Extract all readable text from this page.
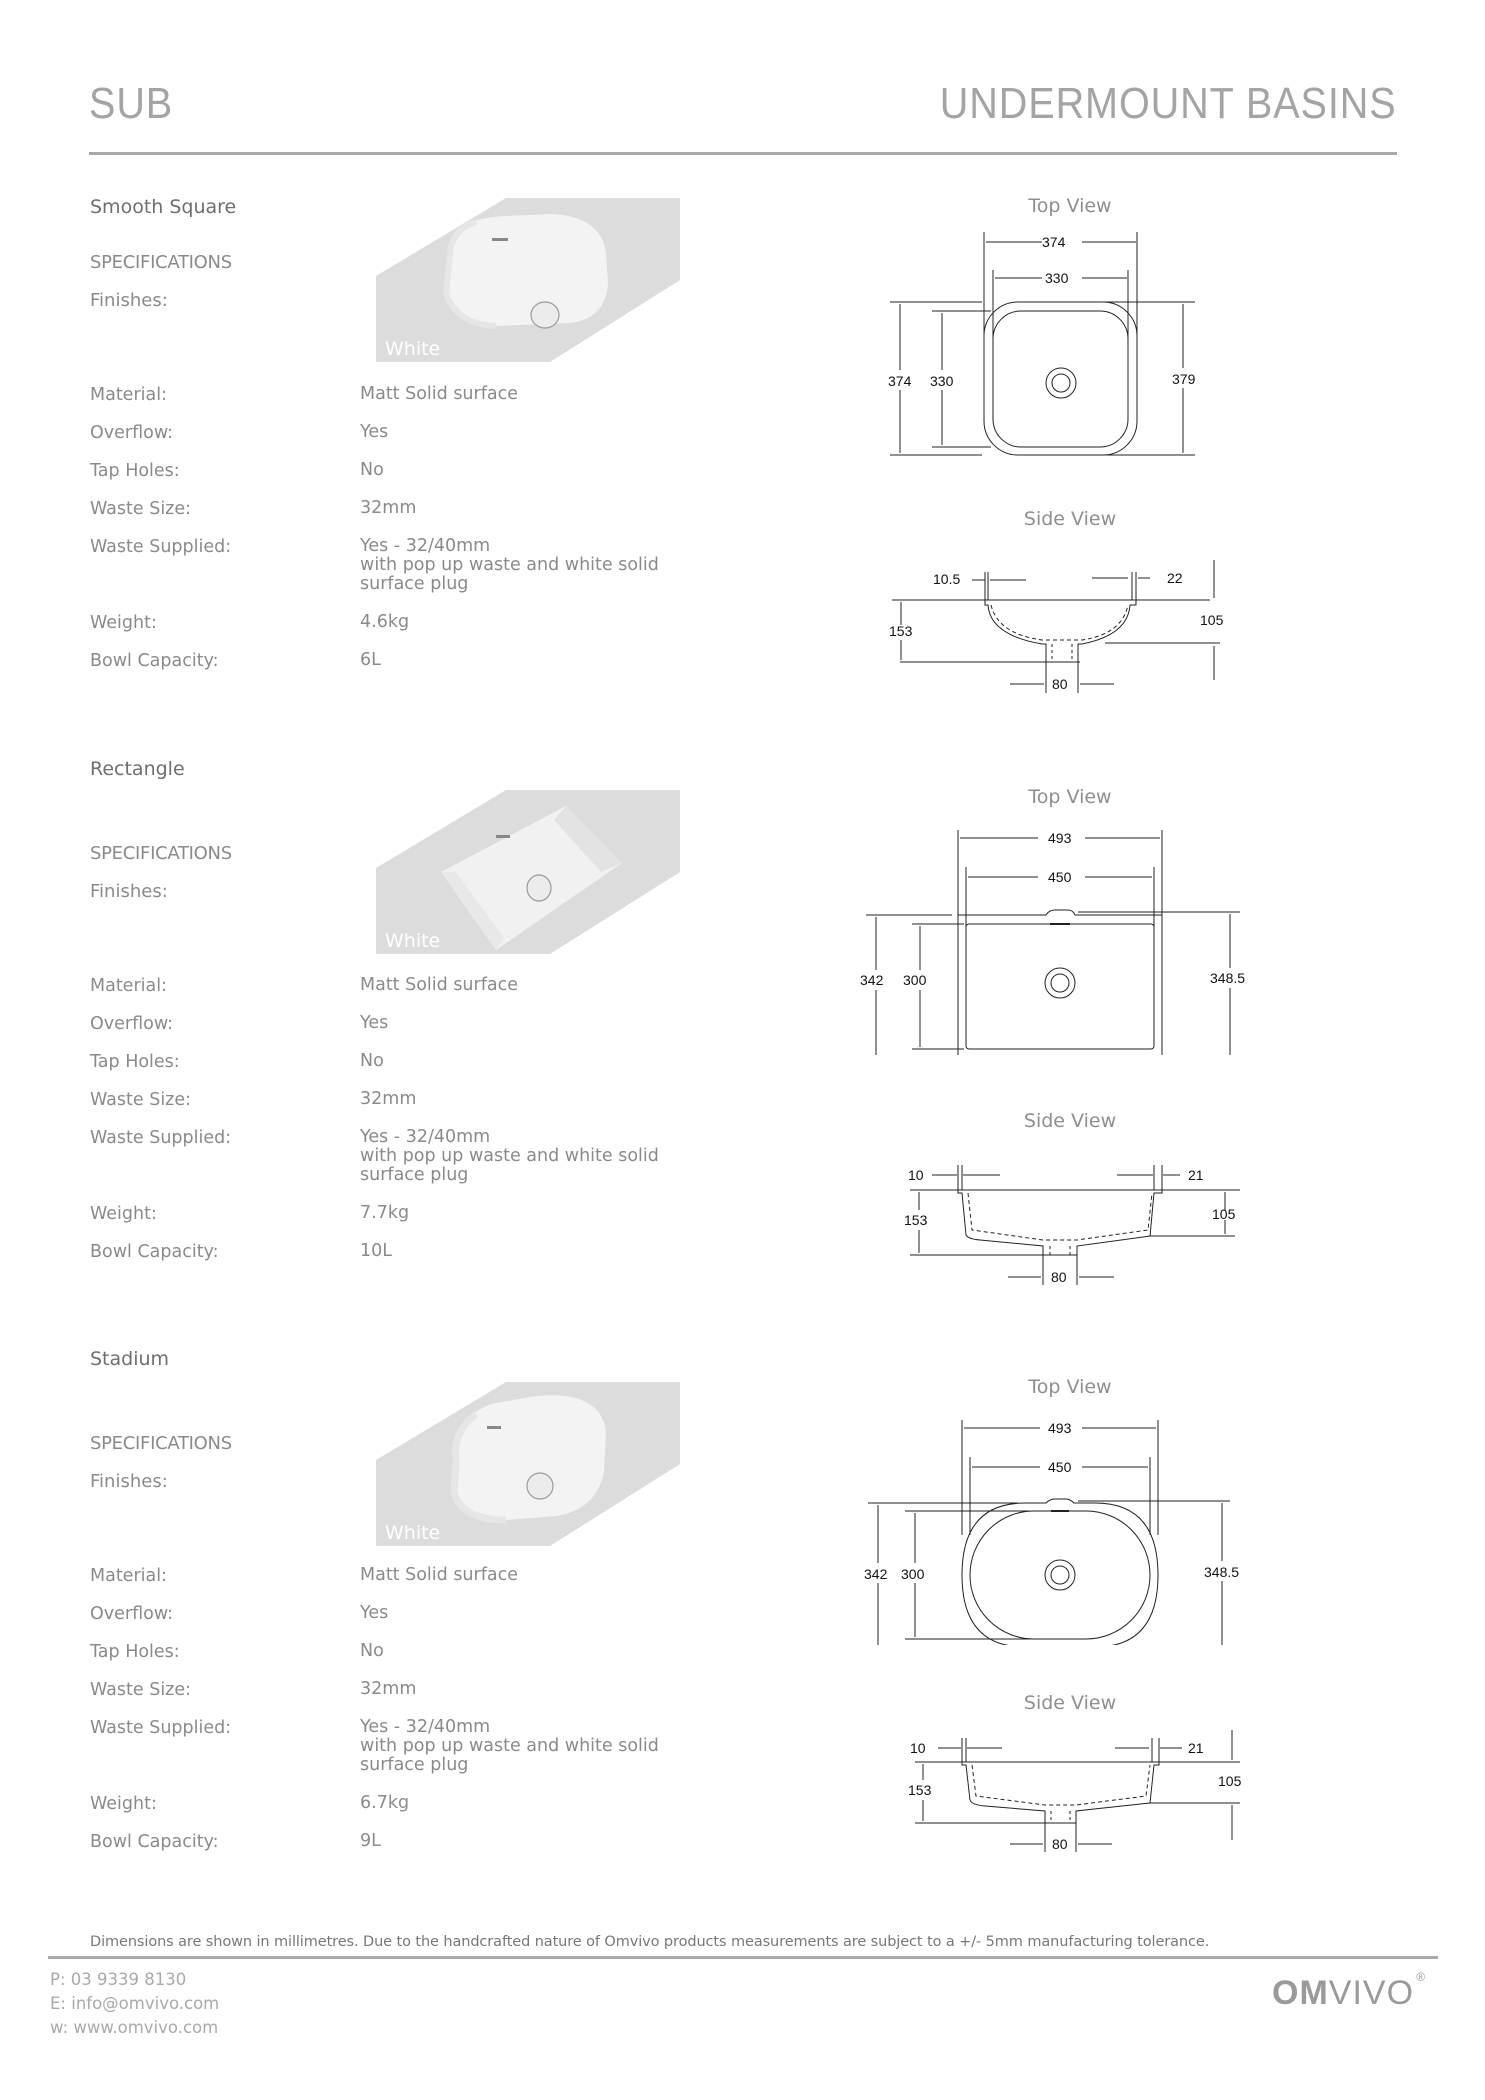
SUB	UNDERMOUNT BASINS
Smooth Square
SPECIFICATIONS
Finishes:
White
Material:	Matt Solid surface
Overflow:	Yes
Tap Holes:	No
Waste Size:	32mm
Waste Supplied:	Yes - 32/40mm
with pop up waste and white solid
surface plug
Weight:	4.6kg
Bowl Capacity:	6L
Top View
374
330
374 330	379
Side View
10.5	22
153
105
80
Rectangle
SPECIFICATIONS
Finishes:
White
Material:	Matt Solid surface
Overflow:	Yes
Tap Holes:	No
Waste Size:	32mm
Waste Supplied:	Yes - 32/40mm
with pop up waste and white solid
surface plug
Weight:	7.7kg
Bowl Capacity:	10L
Top View
493
450
342 300	348.5
Side View
10	21
153	105
80
Stadium
SPECIFICATIONS
Finishes:
White
Material:	Matt Solid surface
Overflow:	Yes
Tap Holes:	No
Waste Size:	32mm
Waste Supplied:	Yes - 32/40mm
with pop up waste and white solid
surface plug
Weight:	6.7kg
Bowl Capacity:	9L
Top View
493
450
342 300	348.5
Side View
10	21
153
105
80
Dimensions are shown in millimetres. Due to the handcrafted nature of Omvivo products measurements are subject to a +/- 5mm manufacturing tolerance.
P: 03 9339 8130
E: info@omvivo.com
w: www.omvivo.com
OMVIVO ®
